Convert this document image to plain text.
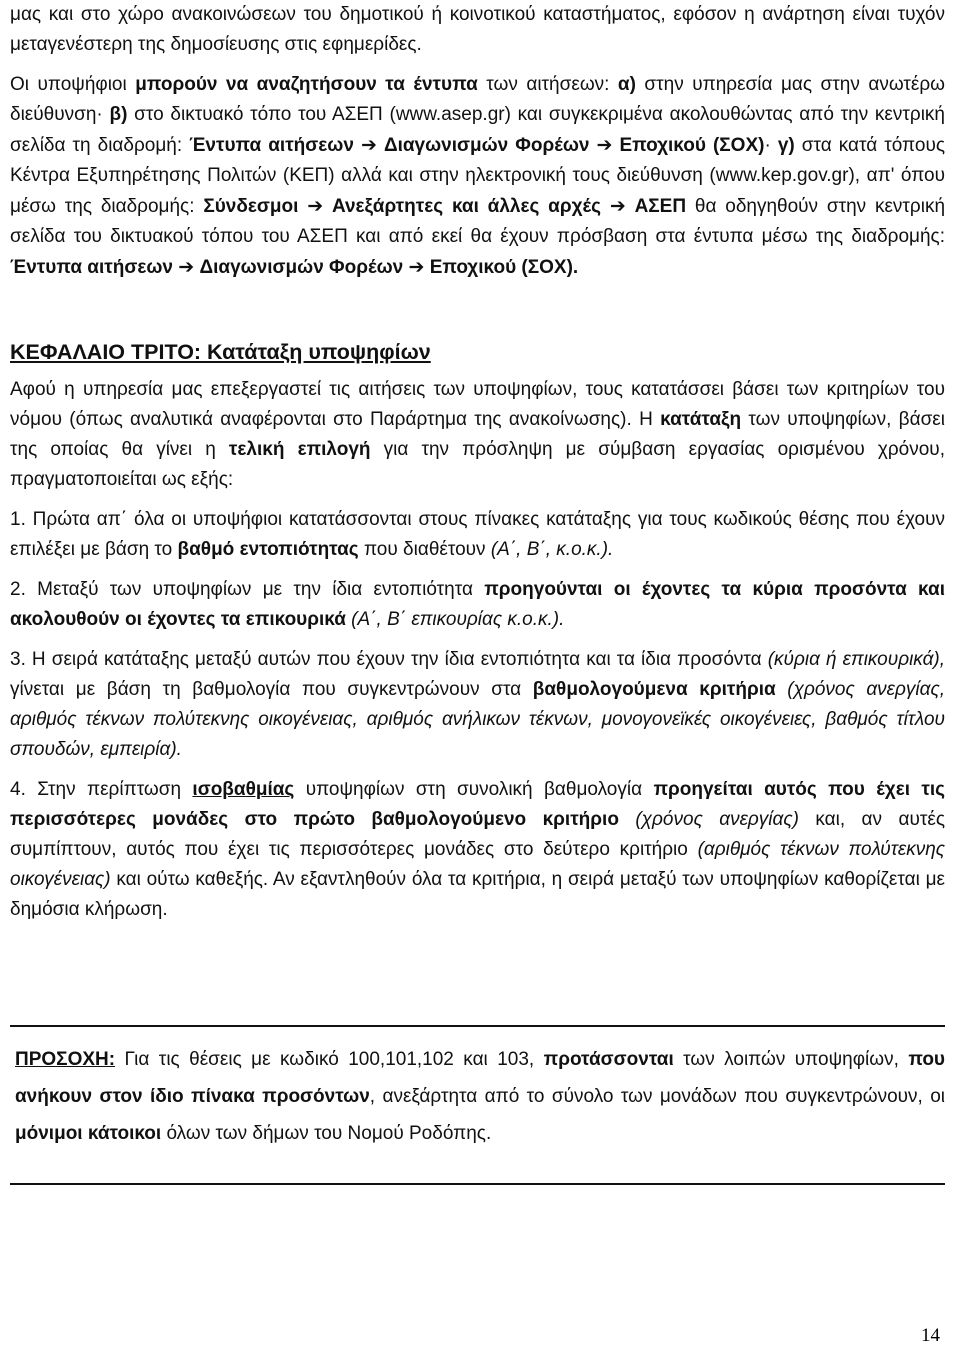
μας και στο χώρο ανακοινώσεων του δημοτικού ή κοινοτικού καταστήματος, εφόσον η ανάρτηση είναι τυχόν μεταγενέστερη της δημοσίευσης στις εφημερίδες.

Οι υποψήφιοι μπορούν να αναζητήσουν τα έντυπα των αιτήσεων: α) στην υπηρεσία μας στην ανωτέρω διεύθυνση· β) στο δικτυακό τόπο του ΑΣΕΠ (www.asep.gr) και συγκεκριμένα ακολουθώντας από την κεντρική σελίδα τη διαδρομή: Έντυπα αιτήσεων ➔ Διαγωνισμών Φορέων ➔ Εποχικού (ΣΟΧ)· γ) στα κατά τόπους Κέντρα Εξυπηρέτησης Πολιτών (ΚΕΠ) αλλά και στην ηλεκτρονική τους διεύθυνση (www.kep.gov.gr), απ' όπου μέσω της διαδρομής: Σύνδεσμοι ➔ Ανεξάρτητες και άλλες αρχές ➔ ΑΣΕΠ θα οδηγηθούν στην κεντρική σελίδα του δικτυακού τόπου του ΑΣΕΠ και από εκεί θα έχουν πρόσβαση στα έντυπα μέσω της διαδρομής: Έντυπα αιτήσεων ➔ Διαγωνισμών Φορέων ➔ Εποχικού (ΣΟΧ).

ΚΕΦΑΛΑΙΟ ΤΡΙΤΟ: Κατάταξη υποψηφίων

Αφού η υπηρεσία μας επεξεργαστεί τις αιτήσεις των υποψηφίων, τους κατατάσσει βάσει των κριτηρίων του νόμου (όπως αναλυτικά αναφέρονται στο Παράρτημα της ανακοίνωσης). Η κατάταξη των υποψηφίων, βάσει της οποίας θα γίνει η τελική επιλογή για την πρόσληψη με σύμβαση εργασίας ορισμένου χρόνου, πραγματοποιείται ως εξής:

1. Πρώτα απ΄ όλα οι υποψήφιοι κατατάσσονται στους πίνακες κατάταξης για τους κωδικούς θέσης που έχουν επιλέξει με βάση το βαθμό εντοπιότητας που διαθέτουν (Α΄, Β΄, κ.ο.κ.).

2. Μεταξύ των υποψηφίων με την ίδια εντοπιότητα προηγούνται οι έχοντες τα κύρια προσόντα και ακολουθούν οι έχοντες τα επικουρικά (Α΄, Β΄ επικουρίας κ.ο.κ.).

3. Η σειρά κατάταξης μεταξύ αυτών που έχουν την ίδια εντοπιότητα και τα ίδια προσόντα (κύρια ή επικουρικά), γίνεται με βάση τη βαθμολογία που συγκεντρώνουν στα βαθμολογούμενα κριτήρια (χρόνος ανεργίας, αριθμός τέκνων πολύτεκνης οικογένειας, αριθμός ανήλικων τέκνων, μονογονεϊκές οικογένειες, βαθμός τίτλου σπουδών, εμπειρία).

4. Στην περίπτωση ισοβαθμίας υποψηφίων στη συνολική βαθμολογία προηγείται αυτός που έχει τις περισσότερες μονάδες στο πρώτο βαθμολογούμενο κριτήριο (χρόνος ανεργίας) και, αν αυτές συμπίπτουν, αυτός που έχει τις περισσότερες μονάδες στο δεύτερο κριτήριο (αριθμός τέκνων πολύτεκνης οικογένειας) και ούτω καθεξής. Αν εξαντληθούν όλα τα κριτήρια, η σειρά μεταξύ των υποψηφίων καθορίζεται με δημόσια κλήρωση.

ΠΡΟΣΟΧΗ: Για τις θέσεις με κωδικό 100,101,102 και 103, προτάσσονται των λοιπών υποψηφίων, που ανήκουν στον ίδιο πίνακα προσόντων, ανεξάρτητα από το σύνολο των μονάδων που συγκεντρώνουν, οι μόνιμοι κάτοικοι όλων των δήμων του Νομού Ροδόπης.

14
